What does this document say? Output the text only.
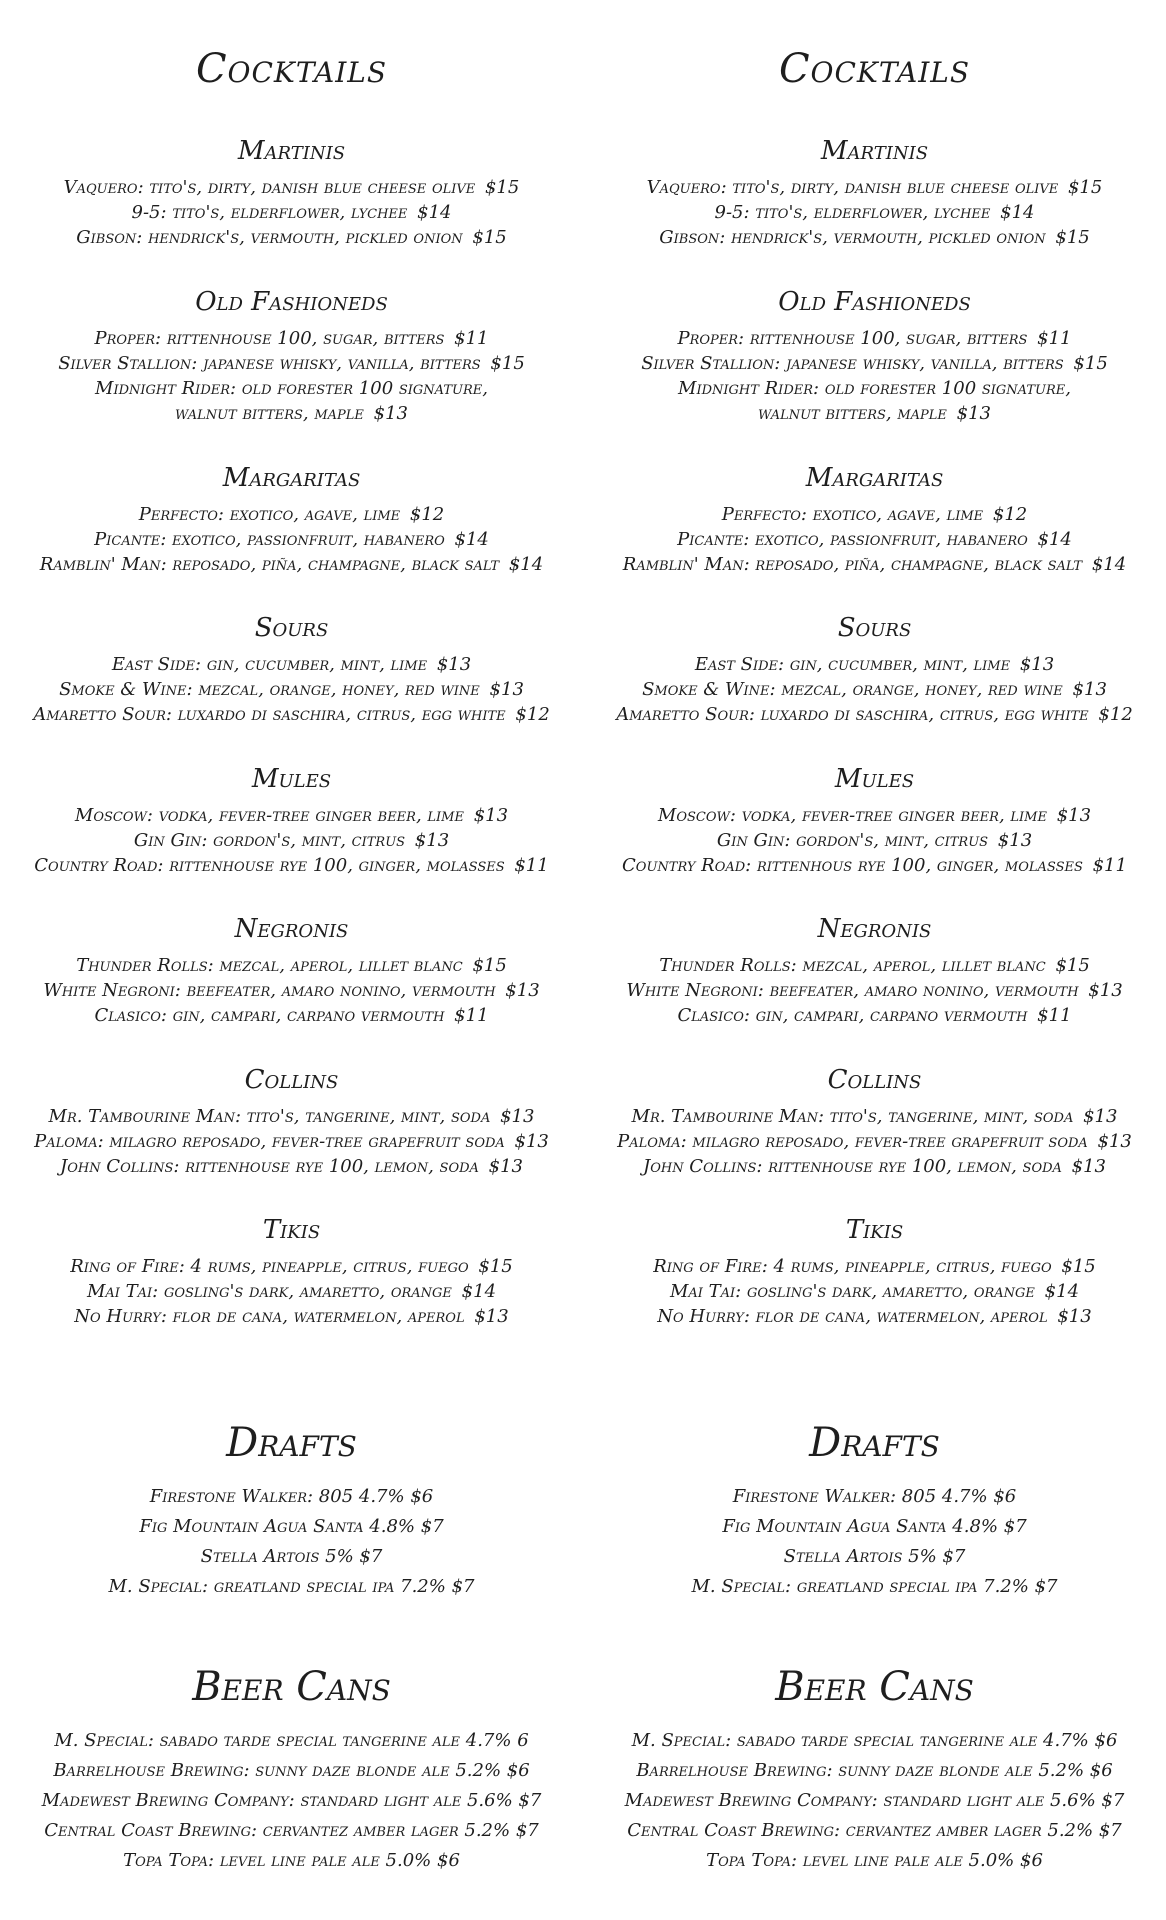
Cocktails
Martinis
Vaquero: tito's, dirty, danish blue cheese olive $15
9-5: tito's, elderflower, lychee $14
Gibson: hendrick's, vermouth, pickled onion $15
Old Fashioneds
Proper: rittenhouse 100, sugar, bitters $11
Silver Stallion: japanese whisky, vanilla, bitters $15
Midnight Rider: old forester 100 signature,
walnut bitters, maple $13
Margaritas
Perfecto: exotico, agave, lime $12
Picante: exotico, passionfruit, habanero $14
Ramblin' Man: reposado, piña, champagne, black salt $14
Sours
East Side: gin, cucumber, mint, lime $13
Smoke & Wine: mezcal, orange, honey, red wine $13
Amaretto Sour: luxardo di saschira, citrus, egg white $12
Mules
Moscow: vodka, fever-tree ginger beer, lime $13
Gin Gin: gordon's, mint, citrus $13
Country Road: rittenhouse rye 100, ginger, molasses $11
Negronis
Thunder Rolls: mezcal, aperol, lillet blanc $15
White Negroni: beefeater, amaro nonino, vermouth $13
Clasico: gin, campari, carpano vermouth $11
Collins
Mr. Tambourine Man: tito's, tangerine, mint, soda $13
Paloma: milagro reposado, fever-tree grapefruit soda $13
John Collins: rittenhouse rye 100, lemon, soda $13
Tikis
Ring of Fire: 4 rums, pineapple, citrus, fuego $15
Mai Tai: gosling's dark, amaretto, orange $14
No Hurry: flor de cana, watermelon, aperol $13
Drafts
Firestone Walker: 805 4.7% $6
Fig Mountain Agua Santa 4.8% $7
Stella Artois 5% $7
M. Special: greatland special ipa 7.2% $7
Beer Cans
M. Special: sabado tarde special tangerine ale 4.7% 6
Barrelhouse Brewing: sunny daze blonde ale 5.2% $6
Madewest Brewing Company: standard light ale 5.6% $7
Central Coast Brewing: cervantez amber lager 5.2% $7
Topa Topa: level line pale ale 5.0% $6
Cocktails
Martinis
Vaquero: tito's, dirty, danish blue cheese olive $15
9-5: tito's, elderflower, lychee $14
Gibson: hendrick's, vermouth, pickled onion $15
Old Fashioneds
Proper: rittenhouse 100, sugar, bitters $11
Silver Stallion: japanese whisky, vanilla, bitters $15
Midnight Rider: old forester 100 signature,
walnut bitters, maple $13
Margaritas
Perfecto: exotico, agave, lime $12
Picante: exotico, passionfruit, habanero $14
Ramblin' Man: reposado, piña, champagne, black salt $14
Sours
East Side: gin, cucumber, mint, lime $13
Smoke & Wine: mezcal, orange, honey, red wine $13
Amaretto Sour: luxardo di saschira, citrus, egg white $12
Mules
Moscow: vodka, fever-tree ginger beer, lime $13
Gin Gin: gordon's, mint, citrus $13
Country Road: rittenhous rye 100, ginger, molasses $11
Negronis
Thunder Rolls: mezcal, aperol, lillet blanc $15
White Negroni: beefeater, amaro nonino, vermouth $13
Clasico: gin, campari, carpano vermouth $11
Collins
Mr. Tambourine Man: tito's, tangerine, mint, soda $13
Paloma: milagro reposado, fever-tree grapefruit soda $13
John Collins: rittenhouse rye 100, lemon, soda $13
Tikis
Ring of Fire: 4 rums, pineapple, citrus, fuego $15
Mai Tai: gosling's dark, amaretto, orange $14
No Hurry: flor de cana, watermelon, aperol $13
Drafts
Firestone Walker: 805 4.7% $6
Fig Mountain Agua Santa 4.8% $7
Stella Artois 5% $7
M. Special: greatland special ipa 7.2% $7
Beer Cans
M. Special: sabado tarde special tangerine ale 4.7% $6
Barrelhouse Brewing: sunny daze blonde ale 5.2% $6
Madewest Brewing Company: standard light ale 5.6% $7
Central Coast Brewing: cervantez amber lager 5.2% $7
Topa Topa: level line pale ale 5.0% $6
